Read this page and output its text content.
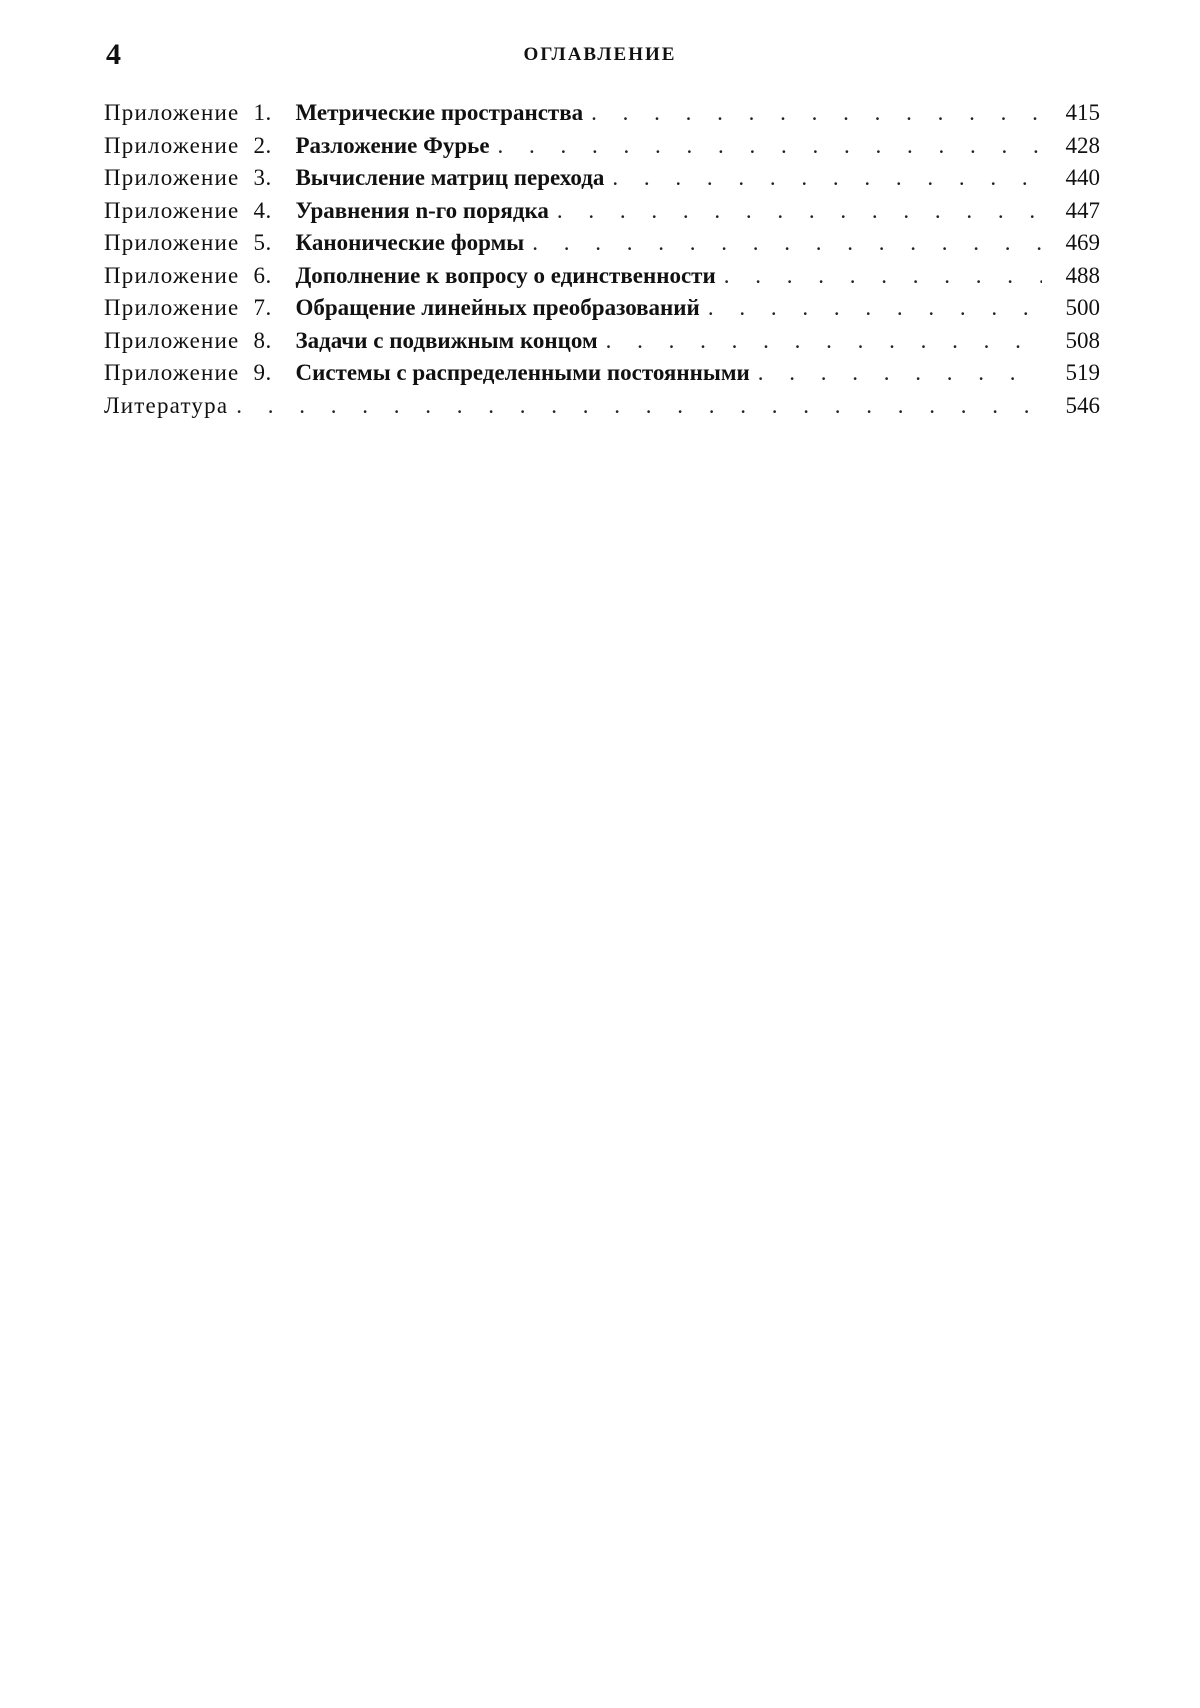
4	ОГЛАВЛЕНИЕ
Приложение 1.	Метрические пространства . . .	415
Приложение 2.	Разложение Фурье . . .	428
Приложение 3.	Вычисление матриц перехода . . .	440
Приложение 4.	Уравнения n-го порядка . . .	447
Приложение 5.	Канонические формы . . .	469
Приложение 6.	Дополнение к вопросу о единственности . . .	488
Приложение 7.	Обращение линейных преобразований . . .	500
Приложение 8.	Задачи с подвижным концом . . .	508
Приложение 9.	Системы с распределенными постоянными . . .	519
Литература . . .	546
